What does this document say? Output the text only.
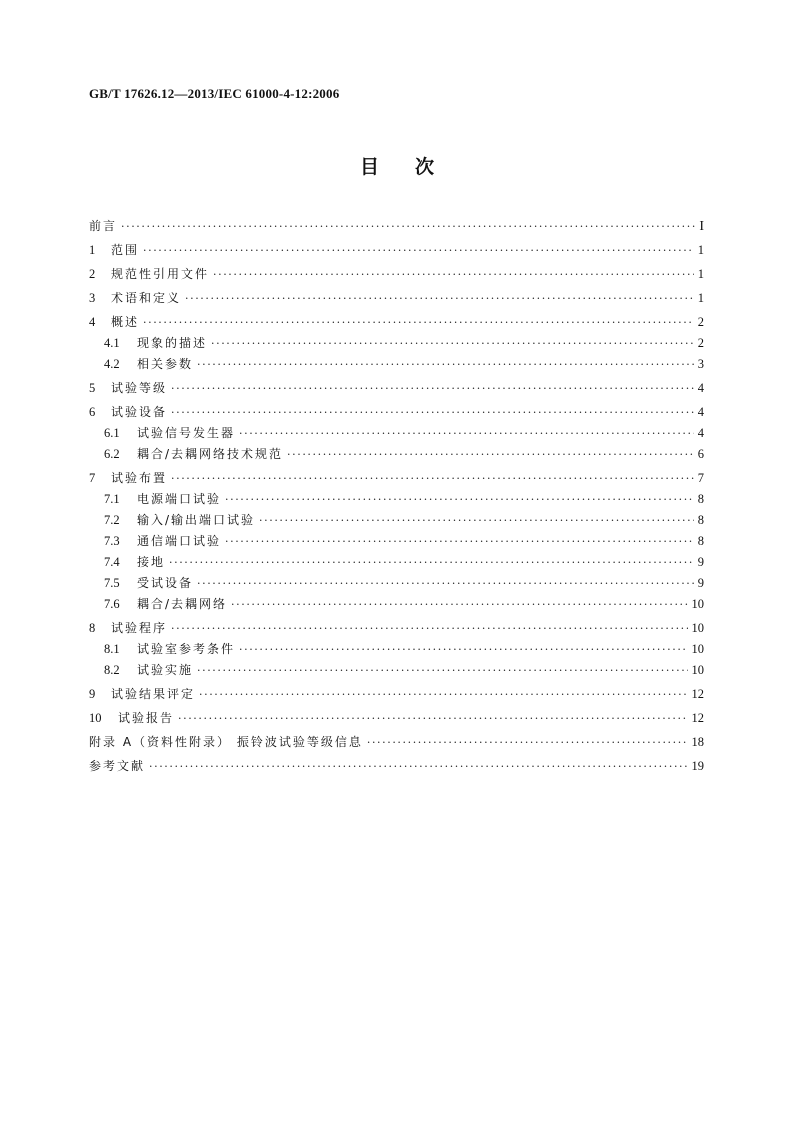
GB/T 17626.12—2013/IEC 61000-4-12:2006
目次
前言 ·····	I
1	范围 ·····	1
2	规范性引用文件 ·····	1
3	术语和定义 ·····	1
4	概述 ·····	2
4.1	现象的描述 ·····	2
4.2	相关参数 ·····	3
5	试验等级 ·····	4
6	试验设备 ·····	4
6.1	试验信号发生器 ·····	4
6.2	耦合/去耦网络技术规范 ·····	6
7	试验布置 ·····	7
7.1	电源端口试验 ·····	8
7.2	输入/输出端口试验 ·····	8
7.3	通信端口试验 ·····	8
7.4	接地 ·····	9
7.5	受试设备 ·····	9
7.6	耦合/去耦网络 ·····	10
8	试验程序 ·····	10
8.1	试验室参考条件 ·····	10
8.2	试验实施 ·····	10
9	试验结果评定 ·····	12
10	试验报告 ·····	12
附录 A（资料性附录） 振铃波试验等级信息 ·····	18
参考文献 ·····	19
